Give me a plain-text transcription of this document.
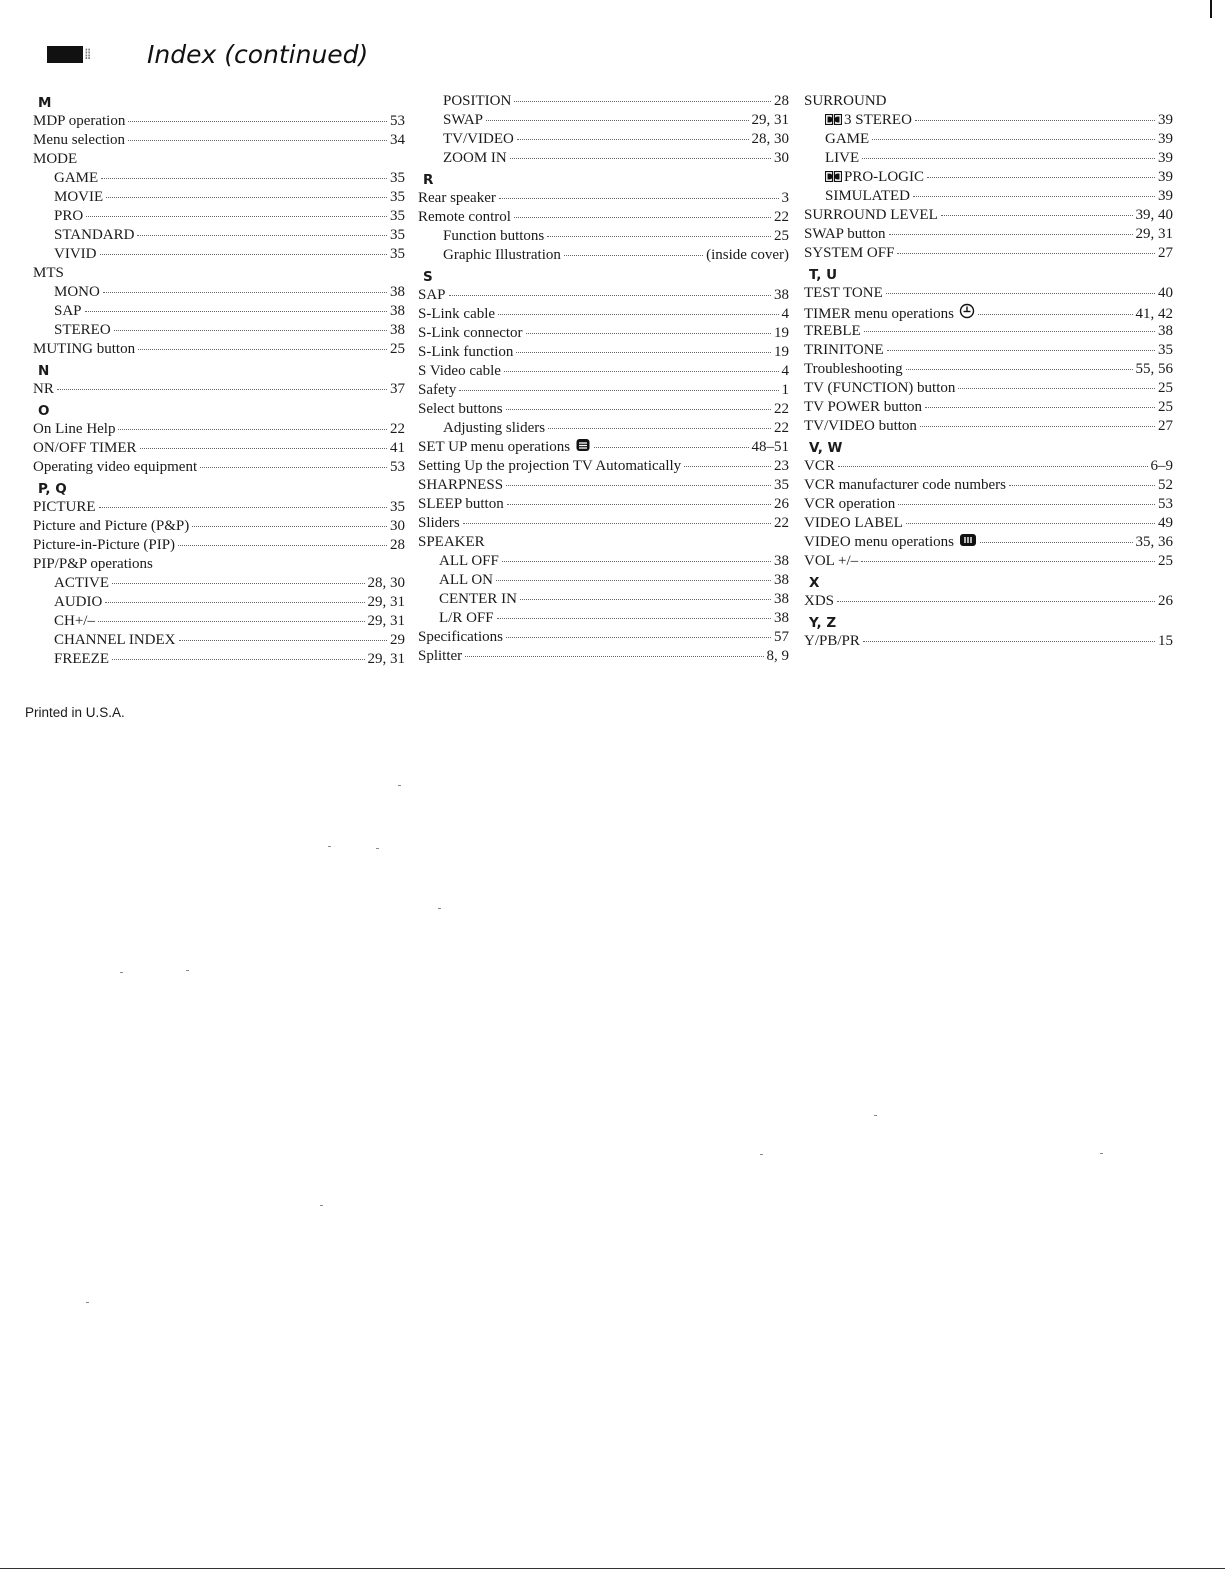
⁞⁞ Index (continued)
M
MDP operation	53
Menu selection	34
MODE
GAME	35
MOVIE	35
PRO	35
STANDARD	35
VIVID	35
MTS
MONO	38
SAP	38
STEREO	38
MUTING button	25
N
NR	37
O
On Line Help	22
ON/OFF TIMER	41
Operating video equipment	53
P, Q
PICTURE	35
Picture and Picture (P&P)	30
Picture-in-Picture (PIP)	28
PIP/P&P operations
ACTIVE	28, 30
AUDIO	29, 31
CH+/–	29, 31
CHANNEL INDEX	29
FREEZE	29, 31
POSITION	28
SWAP	29, 31
TV/VIDEO	28, 30
ZOOM IN	30
R
Rear speaker	3
Remote control	22
Function buttons	25
Graphic Illustration	(inside cover)
S
SAP	38
S-Link cable	4
S-Link connector	19
S-Link function	19
S Video cable	4
Safety	1
Select buttons	22
Adjusting sliders	22
SET UP menu operations	48–51
Setting Up the projection TV Automatically	23
SHARPNESS	35
SLEEP button	26
Sliders	22
SPEAKER
ALL OFF	38
ALL ON	38
CENTER IN	38
L/R OFF	38
Specifications	57
Splitter	8, 9
SURROUND
3 STEREO	39
GAME	39
LIVE	39
PRO-LOGIC	39
SIMULATED	39
SURROUND LEVEL	39, 40
SWAP button	29, 31
SYSTEM OFF	27
T, U
TEST TONE	40
TIMER menu operations	41, 42
TREBLE	38
TRINITONE	35
Troubleshooting	55, 56
TV (FUNCTION) button	25
TV POWER button	25
TV/VIDEO button	27
V, W
VCR	6–9
VCR manufacturer code numbers	52
VCR operation	53
VIDEO LABEL	49
VIDEO menu operations	35, 36
VOL +/–	25
X
XDS	26
Y, Z
Y/PB/PR	15
Printed in U.S.A.
